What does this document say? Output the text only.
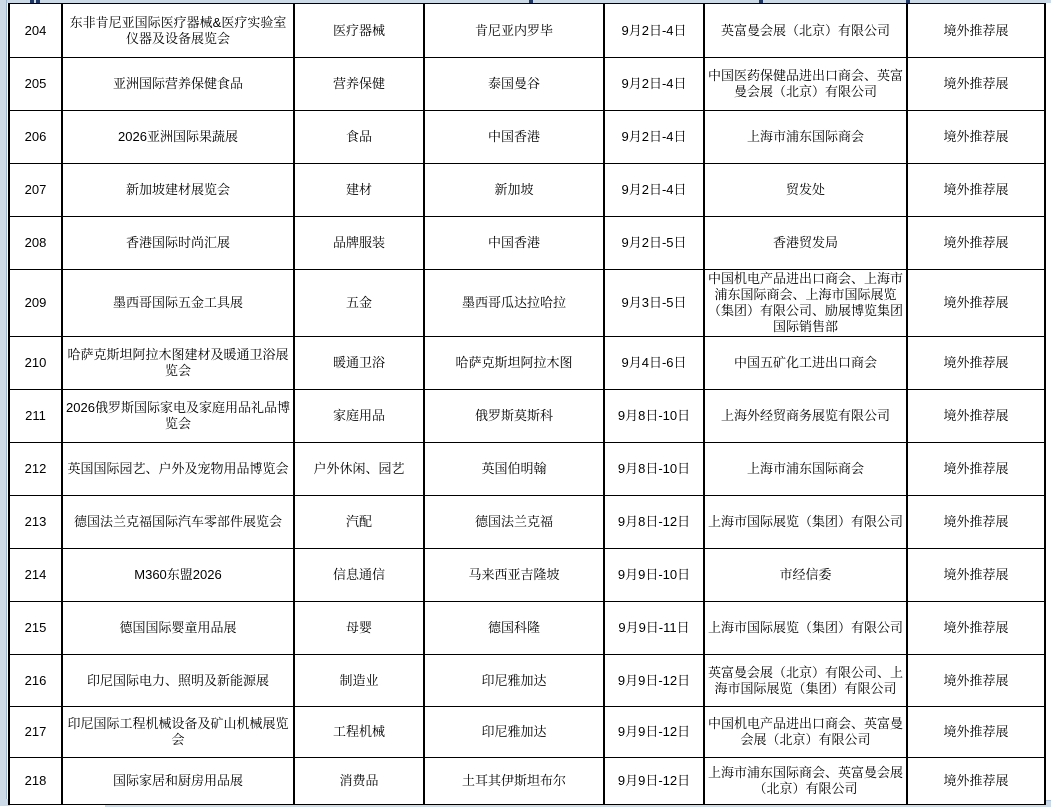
204	东非肯尼亚国际医疗器械&医疗实验室仪器及设备展览会	医疗器械	肯尼亚内罗毕	9月2日-4日	英富曼会展（北京）有限公司	境外推荐展
205	亚洲国际营养保健食品	营养保健	泰国曼谷	9月2日-4日	中国医药保健品进出口商会、英富曼会展（北京）有限公司	境外推荐展
206	2026亚洲国际果蔬展	食品	中国香港	9月2日-4日	上海市浦东国际商会	境外推荐展
207	新加坡建材展览会	建材	新加坡	9月2日-4日	贸发处	境外推荐展
208	香港国际时尚汇展	品牌服装	中国香港	9月2日-5日	香港贸发局	境外推荐展
209	墨西哥国际五金工具展	五金	墨西哥瓜达拉哈拉	9月3日-5日	中国机电产品进出口商会、上海市浦东国际商会、上海市国际展览（集团）有限公司、励展博览集团国际销售部	境外推荐展
210	哈萨克斯坦阿拉木图建材及暖通卫浴展览会	暖通卫浴	哈萨克斯坦阿拉木图	9月4日-6日	中国五矿化工进出口商会	境外推荐展
211	2026俄罗斯国际家电及家庭用品礼品博览会	家庭用品	俄罗斯莫斯科	9月8日-10日	上海外经贸商务展览有限公司	境外推荐展
212	英国国际园艺、户外及宠物用品博览会	户外休闲、园艺	英国伯明翰	9月8日-10日	上海市浦东国际商会	境外推荐展
213	德国法兰克福国际汽车零部件展览会	汽配	德国法兰克福	9月8日-12日	上海市国际展览（集团）有限公司	境外推荐展
214	M360东盟2026	信息通信	马来西亚吉隆坡	9月9日-10日	市经信委	境外推荐展
215	德国国际婴童用品展	母婴	德国科隆	9月9日-11日	上海市国际展览（集团）有限公司	境外推荐展
216	印尼国际电力、照明及新能源展	制造业	印尼雅加达	9月9日-12日	英富曼会展（北京）有限公司、上海市国际展览（集团）有限公司	境外推荐展
217	印尼国际工程机械设备及矿山机械展览会	工程机械	印尼雅加达	9月9日-12日	中国机电产品进出口商会、英富曼会展（北京）有限公司	境外推荐展
218	国际家居和厨房用品展	消费品	土耳其伊斯坦布尔	9月9日-12日	上海市浦东国际商会、英富曼会展（北京）有限公司	境外推荐展
